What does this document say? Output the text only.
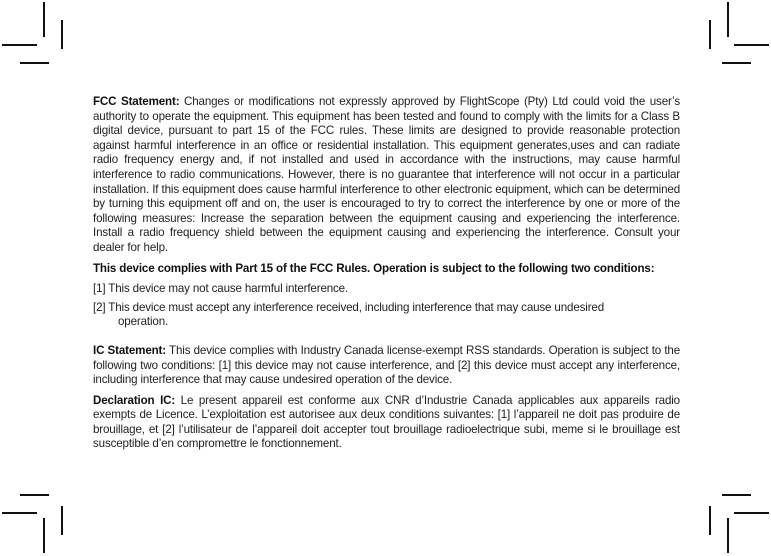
FCC Statement: Changes or modifications not expressly approved by FlightScope (Pty) Ltd could void the user’s authority to operate the equipment. This equipment has been tested and found to comply with the limits for a Class B digital device, pursuant to part 15 of the FCC rules. These limits are designed to provide reasonable protection against harmful interference in an office or residential installation. This equipment generates,uses and can radiate radio frequency energy and, if not installed and used in accordance with the instructions, may cause harmful interference to radio communications. However, there is no guarantee that interference will not occur in a particular installation. If this equipment does cause harmful interference to other electronic equipment, which can be determined by turning this equipment off and on, the user is encouraged to try to correct the interference by one or more of the following measures: Increase the separation between the equipment causing and experiencing the interference. Install a radio frequency shield between the equipment causing and experiencing the interference. Consult your dealer for help.

This device complies with Part 15 of the FCC Rules. Operation is subject to the following two conditions:

[1] This device may not cause harmful interference.

[2] This device must accept any interference received, including interference that may cause undesired
operation.

IC Statement: This device complies with Industry Canada license-exempt RSS standards. Operation is subject to the following two conditions: [1] this device may not cause interference, and [2] this device must accept any interference, including interference that may cause undesired operation of the device.

Declaration IC: Le present appareil est conforme aux CNR d’Industrie Canada applicables aux appareils radio exempts de Licence. L’exploitation est autorisee aux deux conditions suivantes: [1] l’appareil ne doit pas produire de brouillage, et [2] l’utilisateur de l’appareil doit accepter tout brouillage radioelectrique subi, meme si le brouillage est susceptible d’en compromettre le fonctionnement.
